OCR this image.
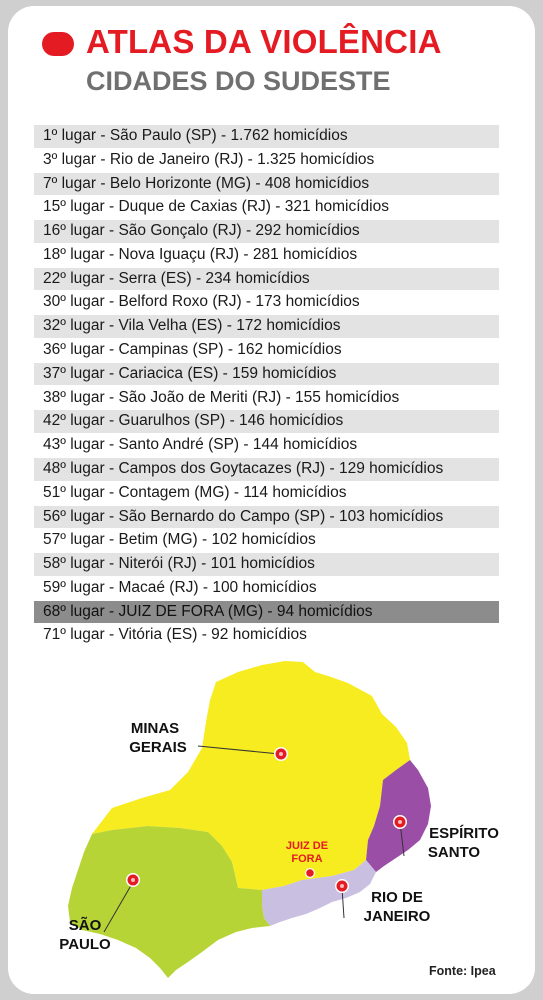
ATLAS DA VIOLÊNCIA
CIDADES DO SUDESTE
1º lugar - São Paulo (SP) - 1.762 homicídios
3º lugar - Rio de Janeiro (RJ) - 1.325 homicídios
7º lugar - Belo Horizonte (MG) - 408 homicídios
15º lugar - Duque de Caxias (RJ) - 321 homicídios
16º lugar - São Gonçalo (RJ) - 292 homicídios
18º lugar - Nova Iguaçu (RJ) - 281 homicídios
22º lugar - Serra (ES) - 234 homicídios
30º lugar - Belford Roxo (RJ) - 173 homicídios
32º lugar - Vila Velha (ES) - 172 homicídios
36º lugar - Campinas (SP) - 162 homicídios
37º lugar - Cariacica (ES) - 159 homicídios
38º lugar - São João de Meriti (RJ) - 155 homicídios
42º lugar - Guarulhos (SP) - 146 homicídios
43º lugar - Santo André (SP) - 144 homicídios
48º lugar - Campos dos Goytacazes (RJ) - 129 homicídios
51º lugar - Contagem (MG) - 114 homicídios
56º lugar - São Bernardo do Campo (SP) - 103 homicídios
57º lugar - Betim (MG) - 102 homicídios
58º lugar - Niterói (RJ) - 101 homicídios
59º lugar - Macaé (RJ) - 100 homicídios
68º lugar - JUIZ DE FORA (MG) - 94 homicídios
71º lugar - Vitória (ES) - 92 homicídios
MINAS
GERAIS
ESPÍRITO
SANTO
JUIZ DE
FORA
RIO DE
JANEIRO
SÃO
PAULO
Fonte: Ipea
